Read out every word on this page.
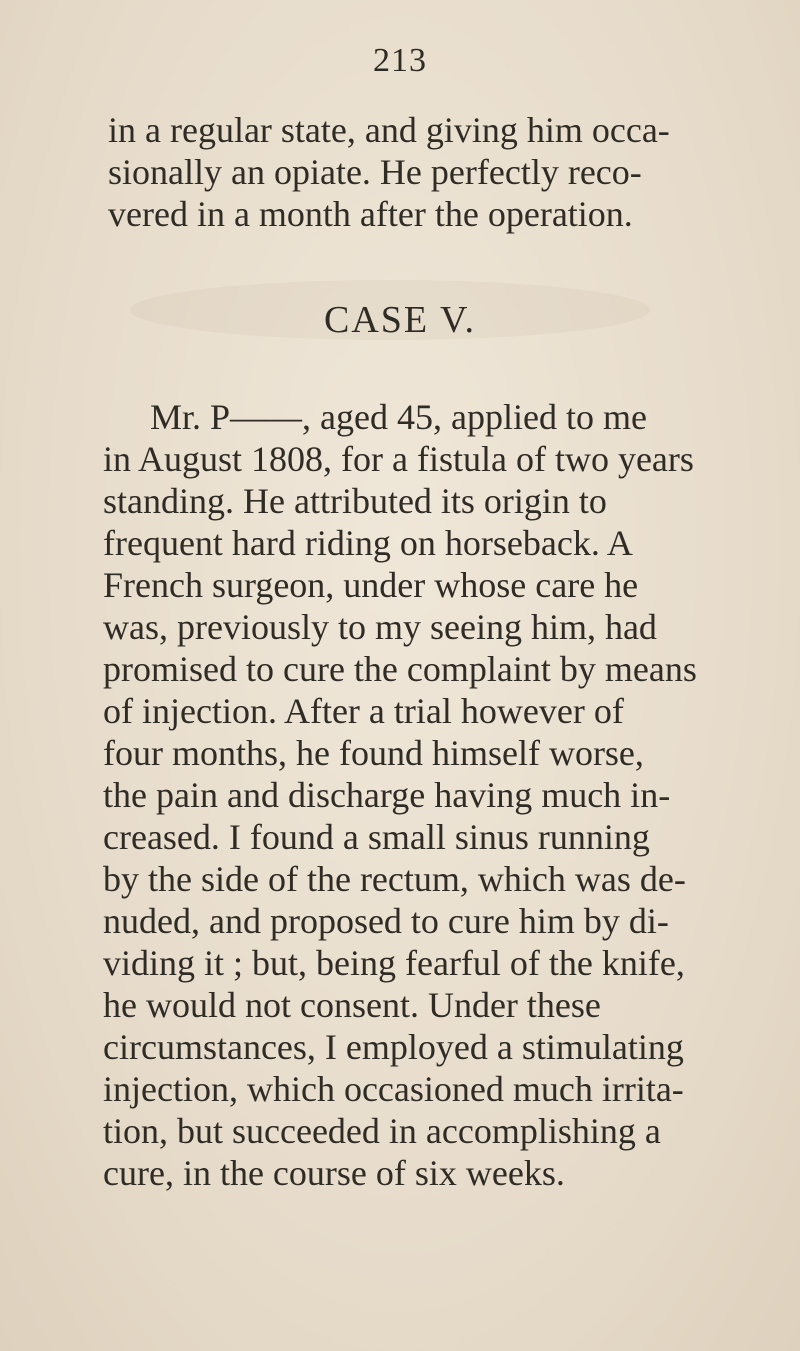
213
in a regular state, and giving him occa-
sionally an opiate. He perfectly reco-
vered in a month after the operation.
CASE V.
Mr. P——, aged 45, applied to me
in August 1808, for a fistula of two years
standing. He attributed its origin to
frequent hard riding on horseback. A
French surgeon, under whose care he
was, previously to my seeing him, had
promised to cure the complaint by means
of injection. After a trial however of
four months, he found himself worse,
the pain and discharge having much in-
creased. I found a small sinus running
by the side of the rectum, which was de-
nuded, and proposed to cure him by di-
viding it ; but, being fearful of the knife,
he would not consent. Under these
circumstances, I employed a stimulating
injection, which occasioned much irrita-
tion, but succeeded in accomplishing a
cure, in the course of six weeks.
